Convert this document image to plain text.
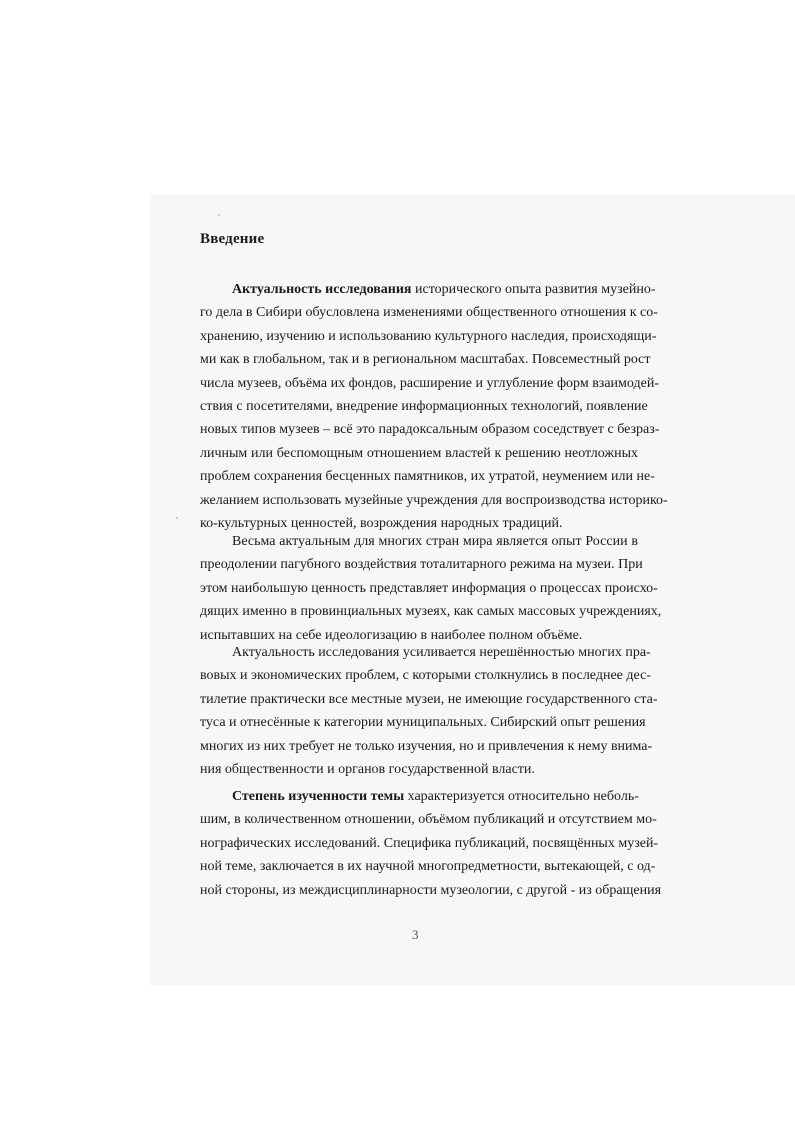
Введение
Актуальность исследования исторического опыта развития музейно-
го дела в Сибири обусловлена изменениями общественного отношения к со-
хранению, изучению и использованию культурного наследия, происходящи-
ми как в глобальном, так и в региональном масштабах. Повсеместный рост
числа музеев, объёма их фондов, расширение и углубление форм взаимодей-
ствия с посетителями, внедрение информационных технологий, появление
новых типов музеев – всё это парадоксальным образом соседствует с безраз-
личным или беспомощным отношением властей к решению неотложных
проблем сохранения бесценных памятников, их утратой, неумением или не-
желанием использовать музейные учреждения для воспроизводства историко-
ко-культурных ценностей, возрождения народных традиций.
Весьма актуальным для многих стран мира является опыт России в
преодолении пагубного воздействия тоталитарного режима на музеи. При
этом наибольшую ценность представляет информация о процессах происхо-
дящих именно в провинциальных музеях, как самых массовых учреждениях,
испытавших на себе идеологизацию в наиболее полном объёме.
Актуальность исследования усиливается нерешённостью многих пра-
вовых и экономических проблем, с которыми столкнулись в последнее дес-
тилетие практически все местные музеи, не имеющие государственного ста-
туса и отнесённые к категории муниципальных. Сибирский опыт решения
многих из них требует не только изучения, но и привлечения к нему внима-
ния общественности и органов государственной власти.
Степень изученности темы характеризуется относительно неболь-
шим, в количественном отношении, объёмом публикаций и отсутствием мо-
нографических исследований. Специфика публикаций, посвящённых музей-
ной теме, заключается в их научной многопредметности, вытекающей, с од-
ной стороны, из междисциплинарности музеологии, с другой - из обращения
3
